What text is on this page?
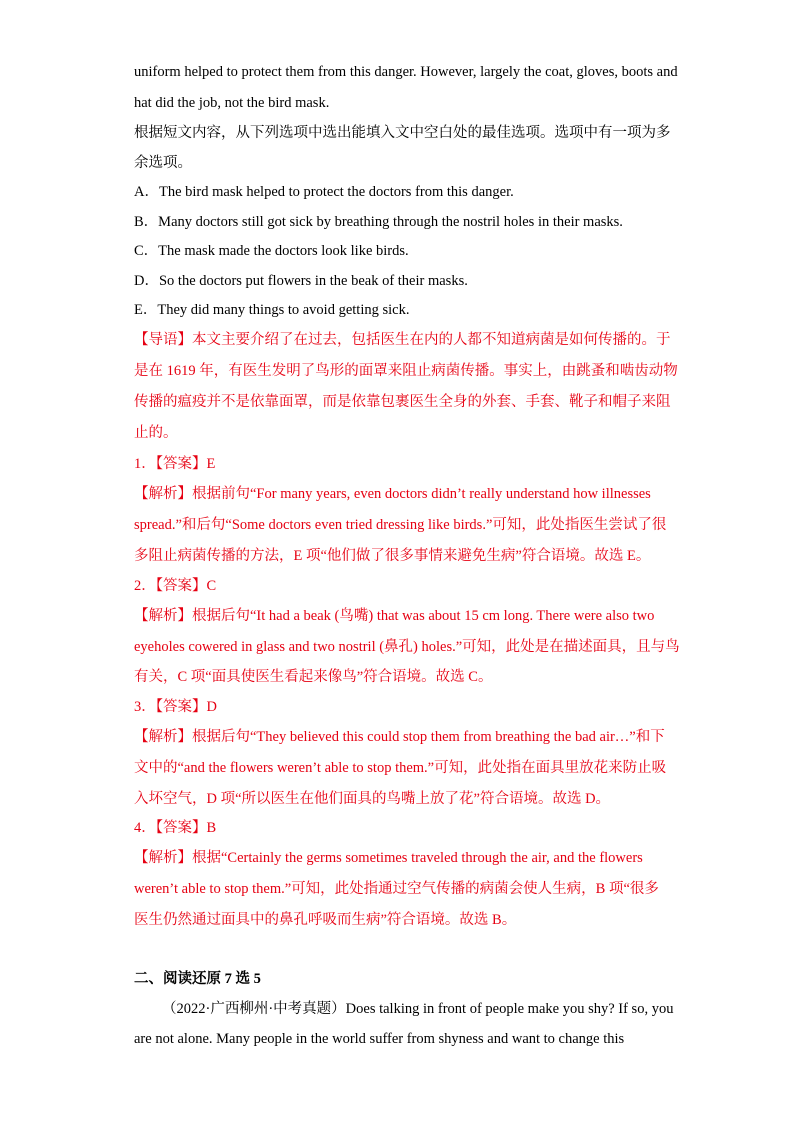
uniform helped to protect them from this danger. However, largely the coat, gloves, boots and
hat did the job, not the bird mask.
根据短文内容，从下列选项中选出能填入文中空白处的最佳选项。选项中有一项为多
余选项。
A．The bird mask helped to protect the doctors from this danger.
B．Many doctors still got sick by breathing through the nostril holes in their masks.
C．The mask made the doctors look like birds.
D．So the doctors put flowers in the beak of their masks.
E．They did many things to avoid getting sick.
【导语】本文主要介绍了在过去，包括医生在内的人都不知道病菌是如何传播的。于
是在 1619 年，有医生发明了鸟形的面罩来阻止病菌传播。事实上，由跳蚤和啮齿动物
传播的瘟疫并不是依靠面罩，而是依靠包裹医生全身的外套、手套、靴子和帽子来阻
止的。
1．【答案】E
【解析】根据前句“For many years, even doctors didn’t really understand how illnesses
spread.”和后句“Some doctors even tried dressing like birds.”可知，此处指医生尝试了很
多阻止病菌传播的方法，E 项“他们做了很多事情来避免生病”符合语境。故选 E。
2．【答案】C
【解析】根据后句“It had a beak (鸟嘴) that was about 15 cm long. There were also two
eyeholes cowered in glass and two nostril (鼻孔) holes.”可知，此处是在描述面具，且与鸟
有关，C 项“面具使医生看起来像鸟”符合语境。故选 C。
3．【答案】D
【解析】根据后句“They believed this could stop them from breathing the bad air…”和下
文中的“and the flowers weren’t able to stop them.”可知，此处指在面具里放花来防止吸
入坏空气，D 项“所以医生在他们面具的鸟嘴上放了花”符合语境。故选 D。
4．【答案】B
【解析】根据“Certainly the germs sometimes traveled through the air, and the flowers
weren’t able to stop them.”可知，此处指通过空气传播的病菌会使人生病，B 项“很多
医生仍然通过面具中的鼻孔呼吸而生病”符合语境。故选 B。
二、阅读还原 7 选 5
（2022·广西柳州·中考真题）Does talking in front of people make you shy? If so, you
are not alone. Many people in the world suffer from shyness and want to change this
